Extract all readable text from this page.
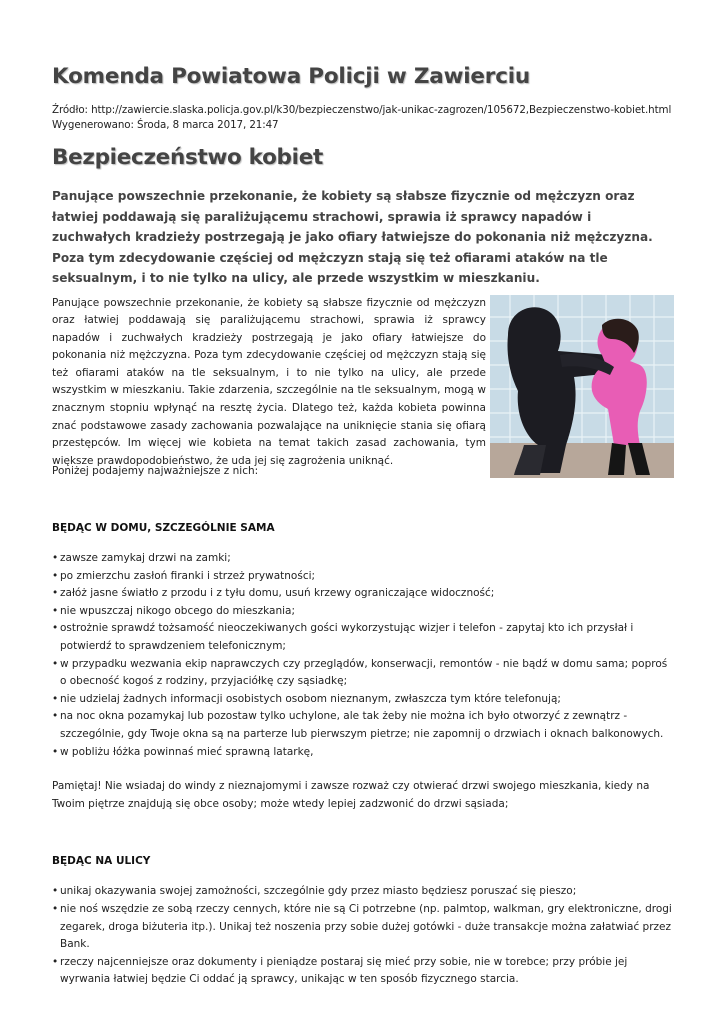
Komenda Powiatowa Policji w Zawierciu
Źródło: http://zawiercie.slaska.policja.gov.pl/k30/bezpieczenstwo/jak-unikac-zagrozen/105672,Bezpieczenstwo-kobiet.html
Wygenerowano: Środa, 8 marca 2017, 21:47
Bezpieczeństwo kobiet
Panujące powszechnie przekonanie, że kobiety są słabsze fizycznie od mężczyzn oraz łatwiej poddawają się paraliżującemu strachowi, sprawia iż sprawcy napadów i zuchwałych kradzieży postrzegają je jako ofiary łatwiejsze do pokonania niż mężczyzna. Poza tym zdecydowanie częściej od mężczyzn stają się też ofiarami ataków na tle seksualnym, i to nie tylko na ulicy, ale przede wszystkim w mieszkaniu.
Panujące powszechnie przekonanie, że kobiety są słabsze fizycznie od mężczyzn oraz łatwiej poddawają się paraliżującemu strachowi, sprawia iż sprawcy napadów i zuchwałych kradzieży postrzegają je jako ofiary łatwiejsze do pokonania niż mężczyzna. Poza tym zdecydowanie częściej od mężczyzn stają się też ofiarami ataków na tle seksualnym, i to nie tylko na ulicy, ale przede wszystkim w mieszkaniu. Takie zdarzenia, szczególnie na tle seksualnym, mogą w znacznym stopniu wpłynąć na resztę życia. Dlatego też, każda kobieta powinna znać podstawowe zasady zachowania pozwalające na uniknięcie stania się ofiarą przestępców. Im więcej wie kobieta na temat takich zasad zachowania, tym większe prawdopodobieństwo, że uda jej się zagrożenia uniknąć.
Poniżej podajemy najważniejsze z nich:
BĘDĄC W DOMU, SZCZEGÓLNIE SAMA
• zawsze zamykaj drzwi na zamki;
• po zmierzchu zasłoń firanki i strzeż prywatności;
• załóż jasne światło z przodu i z tyłu domu, usuń krzewy ograniczające widoczność;
• nie wpuszczaj nikogo obcego do mieszkania;
• ostrożnie sprawdź tożsamość nieoczekiwanych gości wykorzystując wizjer i telefon - zapytaj kto ich przysłał i potwierdź to sprawdzeniem telefonicznym;
• w przypadku wezwania ekip naprawczych czy przeglądów, konserwacji, remontów - nie bądź w domu sama; poproś o obecność kogoś z rodziny, przyjaciółkę czy sąsiadkę;
• nie udzielaj żadnych informacji osobistych osobom nieznanym, zwłaszcza tym które telefonują;
• na noc okna pozamykaj lub pozostaw tylko uchylone, ale tak żeby nie można ich było otworzyć z zewnątrz - szczególnie, gdy Twoje okna są na parterze lub pierwszym pietrze; nie zapomnij o drzwiach i oknach balkonowych.
• w pobliżu łóżka powinnaś mieć sprawną latarkę,
Pamiętaj! Nie wsiadaj do windy z nieznajomymi i zawsze rozważ czy otwierać drzwi swojego mieszkania, kiedy na Twoim piętrze znajdują się obce osoby; może wtedy lepiej zadzwonić do drzwi sąsiada;
BĘDĄC NA ULICY
• unikaj okazywania swojej zamożności, szczególnie gdy przez miasto będziesz poruszać się pieszo;
• nie noś wszędzie ze sobą rzeczy cennych, które nie są Ci potrzebne (np. palmtop, walkman, gry elektroniczne, drogi zegarek, droga biżuteria itp.). Unikaj też noszenia przy sobie dużej gotówki - duże transakcje można załatwiać przez Bank.
• rzeczy najcenniejsze oraz dokumenty i pieniądze postaraj się mieć przy sobie, nie w torebce; przy próbie jej wyrwania łatwiej będzie Ci oddać ją sprawcy, unikając w ten sposób fizycznego starcia.
